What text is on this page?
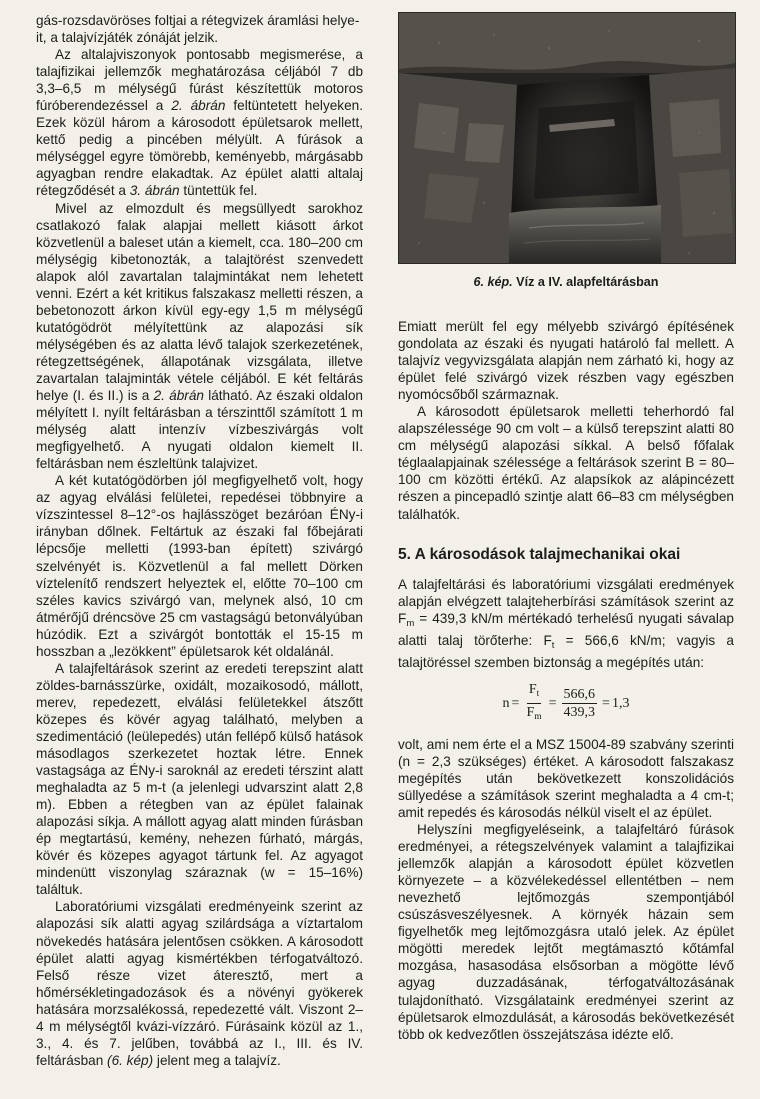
gás-rozsdavöröses foltjai a rétegvizek áramlási helye-
it, a talajvízjáték zónáját jelzik.

Az altalajviszonyok pontosabb megismerése, a talajfizikai jellemzők meghatározása céljából 7 db 3,3–6,5 m mélységű fúrást készítettük motoros fúróberendezéssel a 2. ábrán feltüntetett helyeken. Ezek közül három a károsodott épületsarok mellett, kettő pedig a pincében mélyült. A fúrások a mélységgel egyre tömörebb, keményebb, márgásabb agyagban rendre elakadtak. Az épület alatti altalaj rétegződését a 3. ábrán tüntettük fel.

Mivel az elmozdult és megsüllyedt sarokhoz csatlakozó falak alapjai mellett kiásott árkot közvetlenül a baleset után a kiemelt, cca. 180–200 cm mélységig kibetonozták, a talajtörést szenvedett alapok alól zavartalan talajmintákat nem lehetett venni. Ezért a két kritikus falszakasz melletti részen, a bebetonozott árkon kívül egy-egy 1,5 m mélységű kutatógödröt mélyítettünk az alapozási sík mélységében és az alatta lévő talajok szerkezetének, rétegzettségének, állapotának vizsgálata, illetve zavartalan talajminták vétele céljából. E két feltárás helye (I. és II.) is a 2. ábrán látható. Az északi oldalon mélyített I. nyílt feltárásban a térszinttől számított 1 m mélység alatt intenzív vízbeszivárgás volt megfigyelhető. A nyugati oldalon kiemelt II. feltárásban nem észleltünk talajvizet.

A két kutatógödörben jól megfigyelhető volt, hogy az agyag elválási felületei, repedései többnyire a vízszintessel 8–12°-os hajlásszöget bezáróan ÉNy-i irányban dőlnek. Feltártuk az északi fal főbejárati lépcsője melletti (1993-ban épített) szivárgó szelvényét is. Közvetlenül a fal mellett Dörken víztelenítő rendszert helyeztek el, előtte 70–100 cm széles kavics szivárgó van, melynek alsó, 10 cm átmérőjű dréncsöve 25 cm vastagságú betonvályúban húzódik. Ezt a szivárgót bontották el 15-15 m hosszban a „lezökkent” épületsarok két oldalánál.

A talajfeltárások szerint az eredeti terepszint alatt zöldes-barnásszürke, oxidált, mozaikosodó, mállott, merev, repedezett, elválási felületekkel átszőtt közepes és kövér agyag található, melyben a szedimentáció (leülepedés) után fellépő külső hatások másodlagos szerkezetet hoztak létre. Ennek vastagsága az ÉNy-i saroknál az eredeti térszint alatt meghaladta az 5 m-t (a jelenlegi udvarszint alatt 2,8 m). Ebben a rétegben van az épület falainak alapozási síkja. A mállott agyag alatt minden fúrásban ép megtartású, kemény, nehezen fúrható, márgás, kövér és közepes agyagot tártunk fel. Az agyagot mindenütt viszonylag száraznak (w = 15–16%) találtuk.

Laboratóriumi vizsgálati eredményeink szerint az alapozási sík alatti agyag szilárdsága a víztartalom növekedés hatására jelentősen csökken. A károsodott épület alatti agyag kismértékben térfogatváltozó. Felső része vizet áteresztő, mert a hőmérsékletingadozások és a növényi gyökerek hatására morzsalékossá, repedezetté vált. Viszont 2–4 m mélységtől kvázi-vízzáró. Fúrásaink közül az 1., 3., 4. és 7. jelűben, továbbá az I., III. és IV. feltárásban (6. kép) jelent meg a talajvíz.

6. kép. Víz a IV. alapfeltárásban

Emiatt merült fel egy mélyebb szivárgó építésének gondolata az északi és nyugati határoló fal mellett. A talajvíz vegyvizsgálata alapján nem zárható ki, hogy az épület felé szivárgó vizek részben vagy egészben nyomócsőből származnak.

A károsodott épületsarok melletti teherhordó fal alapszélessége 90 cm volt – a külső terepszint alatti 80 cm mélységű alapozási síkkal. A belső főfalak téglaalapjainak szélessége a feltárások szerint B = 80–100 cm közötti értékű. Az alapsíkok az alápincézett részen a pincepadló szintje alatt 66–83 cm mélységben találhatók.

5. A károsodások talajmechanikai okai

A talajfeltárási és laboratóriumi vizsgálati eredmények alapján elvégzett talajteherbírási számítások szerint az $F_m = 439,3$ kN/m mértékadó terhelésű nyugati sávalap alatti talaj törőterhe: $F_t = 566,6$ kN/m; vagyis a talajtöréssel szemben biztonság a megépítés után:

$n = \frac{F_t}{F_m} = \frac{566,6}{439,3} = 1,3$

volt, ami nem érte el a MSZ 15004-89 szabvány szerinti (n = 2,3 szükséges) értéket. A károsodott falszakasz megépítés után bekövetkezett konszolidációs süllyedése a számítások szerint meghaladta a 4 cm-t; amit repedés és károsodás nélkül viselt el az épület.

Helyszíni megfigyeléseink, a talajfeltáró fúrások eredményei, a rétegszelvények valamint a talajfizikai jellemzők alapján a károsodott épület közvetlen környezete – a közvélekedéssel ellentétben – nem nevezhető lejtőmozgás szempontjából csúszásveszélyesnek. A környék házain sem figyelhetők meg lejtőmozgásra utaló jelek. Az épület mögötti meredek lejtőt megtámasztó kőtámfal mozgása, hasasodása elsősorban a mögötte lévő agyag duzzadásának, térfogatváltozásának tulajdonítható. Vizsgálataink eredményei szerint az épületsarok elmozdulását, a károsodás bekövetkezését több ok kedvezőtlen összejátszása idézte elő.
